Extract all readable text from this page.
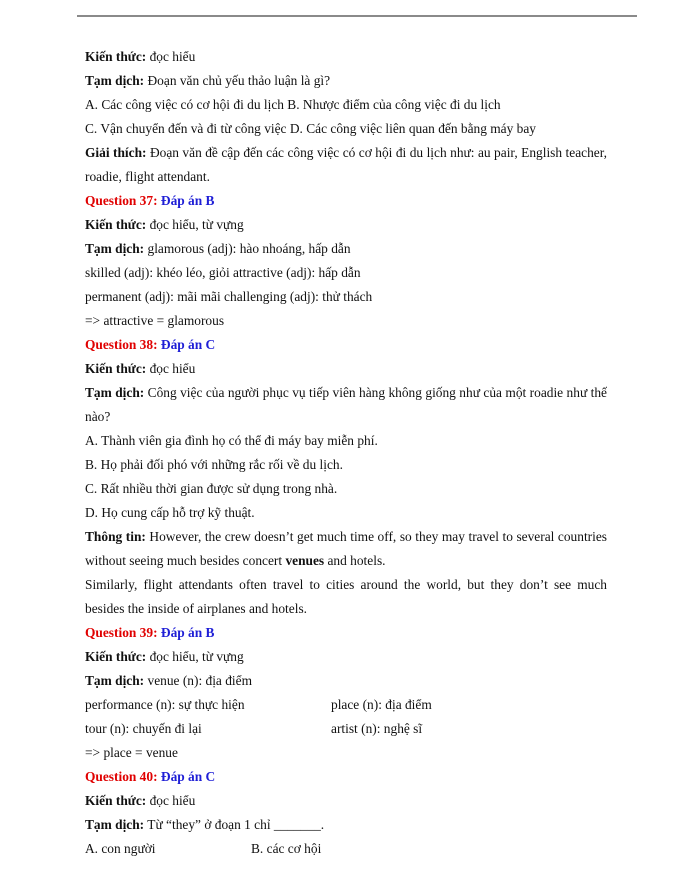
Kiến thức: đọc hiểu
Tạm dịch: Đoạn văn chủ yếu thảo luận là gì?
A. Các công việc có cơ hội đi du lịch B. Nhược điểm của công việc đi du lịch
C. Vận chuyển đến và đi từ công việc D. Các công việc liên quan đến bằng máy bay
Giải thích: Đoạn văn đề cập đến các công việc có cơ hội đi du lịch như: au pair, English teacher, roadie, flight attendant.
Question 37: Đáp án B
Kiến thức: đọc hiểu, từ vựng
Tạm dịch: glamorous (adj): hào nhoáng, hấp dẫn
skilled (adj): khéo léo, giỏi attractive (adj): hấp dẫn
permanent (adj): mãi mãi challenging (adj): thử thách
=> attractive = glamorous
Question 38: Đáp án C
Kiến thức: đọc hiểu
Tạm dịch: Công việc của người phục vụ tiếp viên hàng không giống như của một roadie như thế nào?
A. Thành viên gia đình họ có thể đi máy bay miễn phí.
B. Họ phải đối phó với những rắc rối về du lịch.
C. Rất nhiều thời gian được sử dụng trong nhà.
D. Họ cung cấp hỗ trợ kỹ thuật.
Thông tin: However, the crew doesn’t get much time off, so they may travel to several countries without seeing much besides concert venues and hotels.
Similarly, flight attendants often travel to cities around the world, but they don’t see much besides the inside of airplanes and hotels.
Question 39: Đáp án B
Kiến thức: đọc hiểu, từ vựng
Tạm dịch: venue (n): địa điểm
performance (n): sự thực hiện	place (n): địa điểm
tour (n): chuyến đi lại	artist (n): nghệ sĩ
=> place = venue
Question 40: Đáp án C
Kiến thức: đọc hiểu
Tạm dịch: Từ “they” ở đoạn 1 chỉ _______.
A. con người	B. các cơ hội
